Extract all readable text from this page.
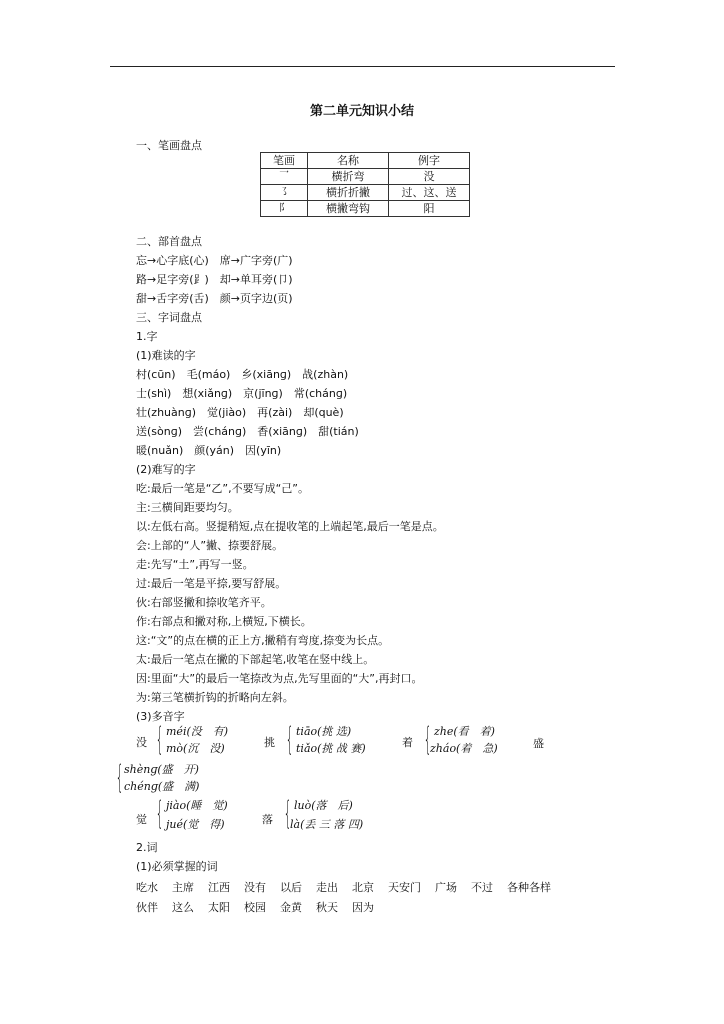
第二单元知识小结
一、笔画盘点
笔画	名称	例字
乛	横折弯	没
㇌	横折折撇	过、这、送
阝	横撇弯钩	阳
二、部首盘点
忘→心字底(心)　席→广字旁(广)
路→足字旁(⻊)　却→单耳旁(卩)
甜→舌字旁(舌)　颜→页字边(页)
三、字词盘点
1.字
(1)难读的字
村(cūn)　毛(máo)　乡(xiānɡ)　战(zhàn)
士(shì)　想(xiǎnɡ)　京(jīnɡ)　常(chánɡ)
壮(zhuànɡ)　觉(jiào)　再(zài)　却(què)
送(sònɡ)　尝(chánɡ)　香(xiānɡ)　甜(tián)
暖(nuǎn)　颜(yán)　因(yīn)
(2)难写的字
吃:最后一笔是“乙”,不要写成“己”。
主:三横间距要均匀。
以:左低右高。竖提稍短,点在提收笔的上端起笔,最后一笔是点。
会:上部的“人”撇、捺要舒展。
走:先写“土”,再写一竖。
过:最后一笔是平捺,要写舒展。
伙:右部竖撇和捺收笔齐平。
作:右部点和撇对称,上横短,下横长。
这:“文”的点在横的正上方,撇稍有弯度,捺变为长点。
太:最后一笔点在撇的下部起笔,收笔在竖中线上。
因:里面“大”的最后一笔捺改为点,先写里面的“大”,再封口。
为:第三笔横折钩的折略向左斜。
(3)多音字
没 { méi(没　有)
mò(沉　没)	挑 { tiāo(挑 选)
tiǎo(挑 战 赛)	着 { zhe(看　着)
zháo(着　急)	盛
{ shènɡ(盛　开)
chénɡ(盛　满)
觉 { jiào(睡　觉)
jué(觉　得)	落 { luò(落　后)
là(丢 三 落 四)
2.词
(1)必须掌握的词
吃水 主席 江西 没有 以后 走出 北京 天安门 广场 不过 各种各样
伙伴 这么 太阳 校园 金黄 秋天 因为
